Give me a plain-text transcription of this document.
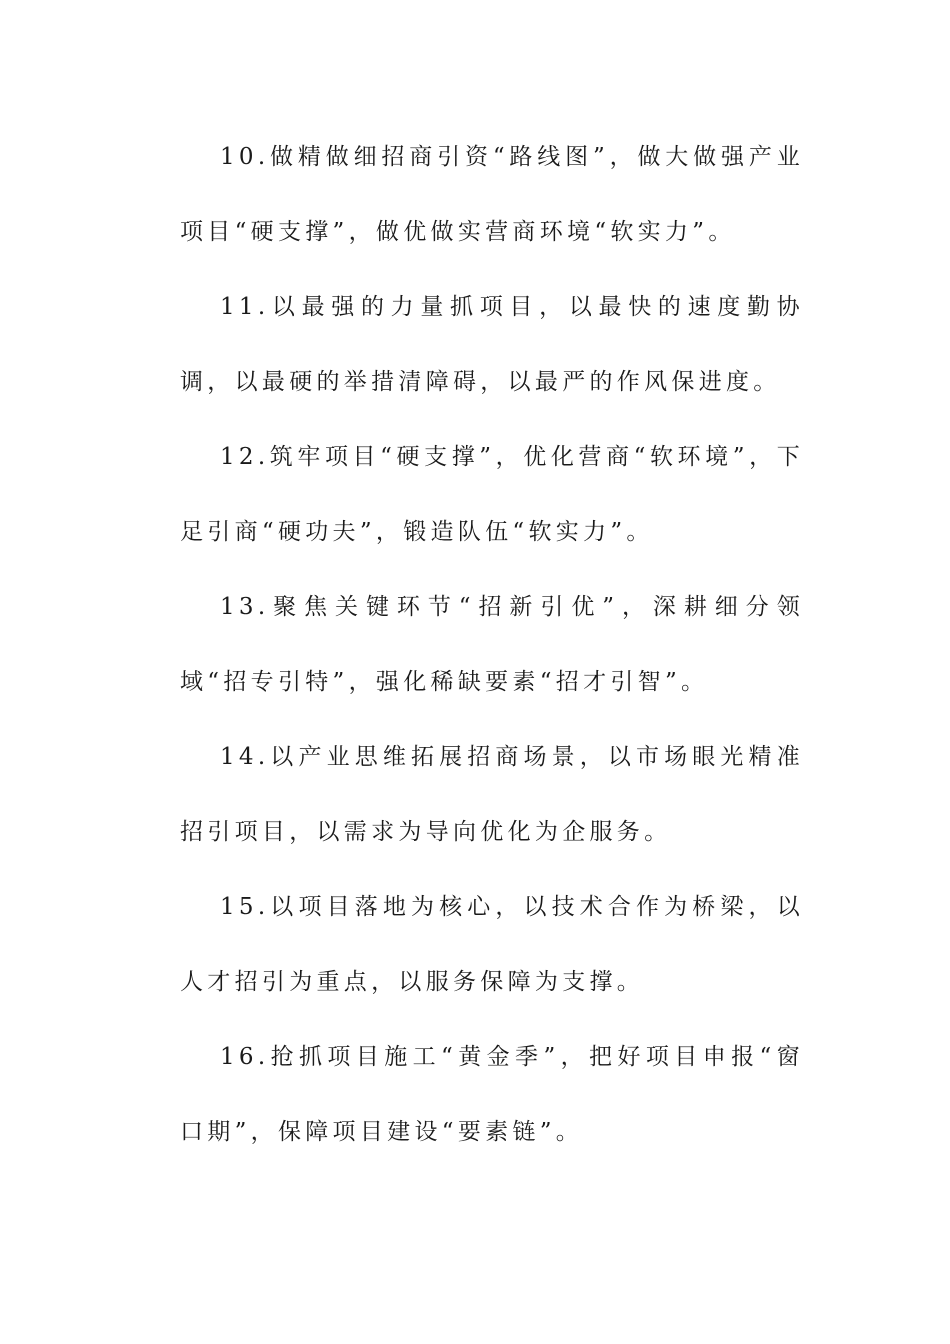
10.做精做细招商引资“路线图”，做大做强产业项目“硬支撑”，做优做实营商环境“软实力”。

11.以最强的力量抓项目，以最快的速度勤协调，以最硬的举措清障碍，以最严的作风保进度。

12.筑牢项目“硬支撑”，优化营商“软环境”，下足引商“硬功夫”，锻造队伍“软实力”。

13.聚焦关键环节“招新引优”，深耕细分领域“招专引特”，强化稀缺要素“招才引智”。

14.以产业思维拓展招商场景，以市场眼光精准招引项目，以需求为导向优化为企服务。

15.以项目落地为核心，以技术合作为桥梁，以人才招引为重点，以服务保障为支撑。

16.抢抓项目施工“黄金季”，把好项目申报“窗口期”，保障项目建设“要素链”。
